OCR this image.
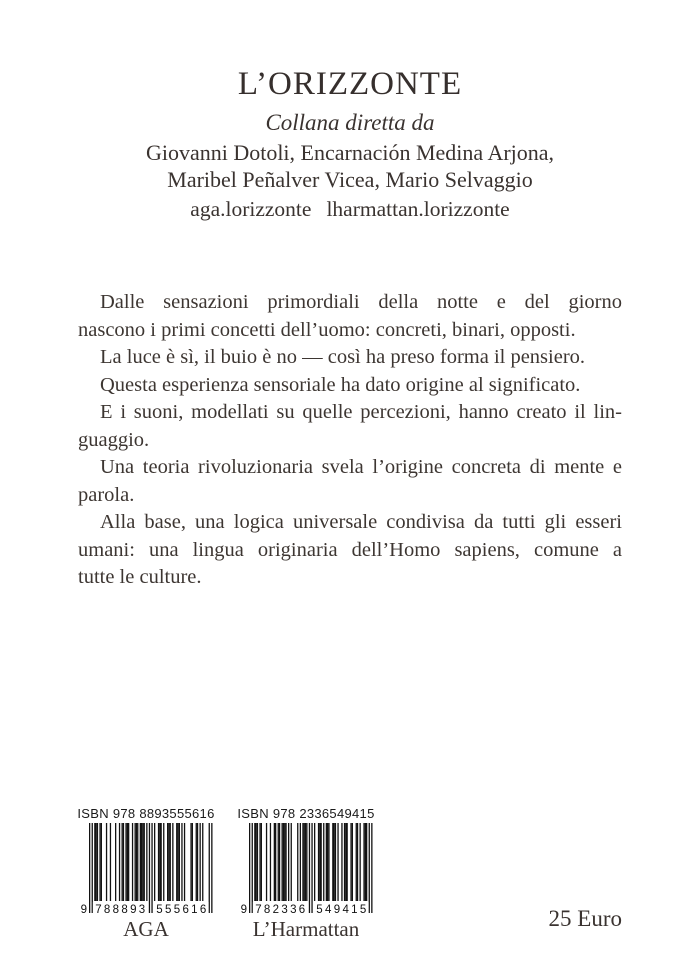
L’ORIZZONTE
Collana diretta da
Giovanni Dotoli, Encarnación Medina Arjona,
Maribel Peñalver Vicea, Mario Selvaggio
aga.lorizzonte lharmattan.lorizzonte
Dalle sensazioni primordiali della notte e del giorno
nascono i primi concetti dell’uomo: concreti, binari, opposti.
La luce è sì, il buio è no — così ha preso forma il pensiero.
Questa esperienza sensoriale ha dato origine al significato.
E i suoni, modellati su quelle percezioni, hanno creato il lin-
guaggio.
Una teoria rivoluzionaria svela l’origine concreta di mente e
parola.
Alla base, una logica universale condivisa da tutti gli esseri
umani: una lingua originaria dell’Homo sapiens, comune a
tutte le culture.
ISBN 978 8893555616
9 788893 555616
AGA
ISBN 978 2336549415
9 782336 549415
L’Harmattan	25 Euro
